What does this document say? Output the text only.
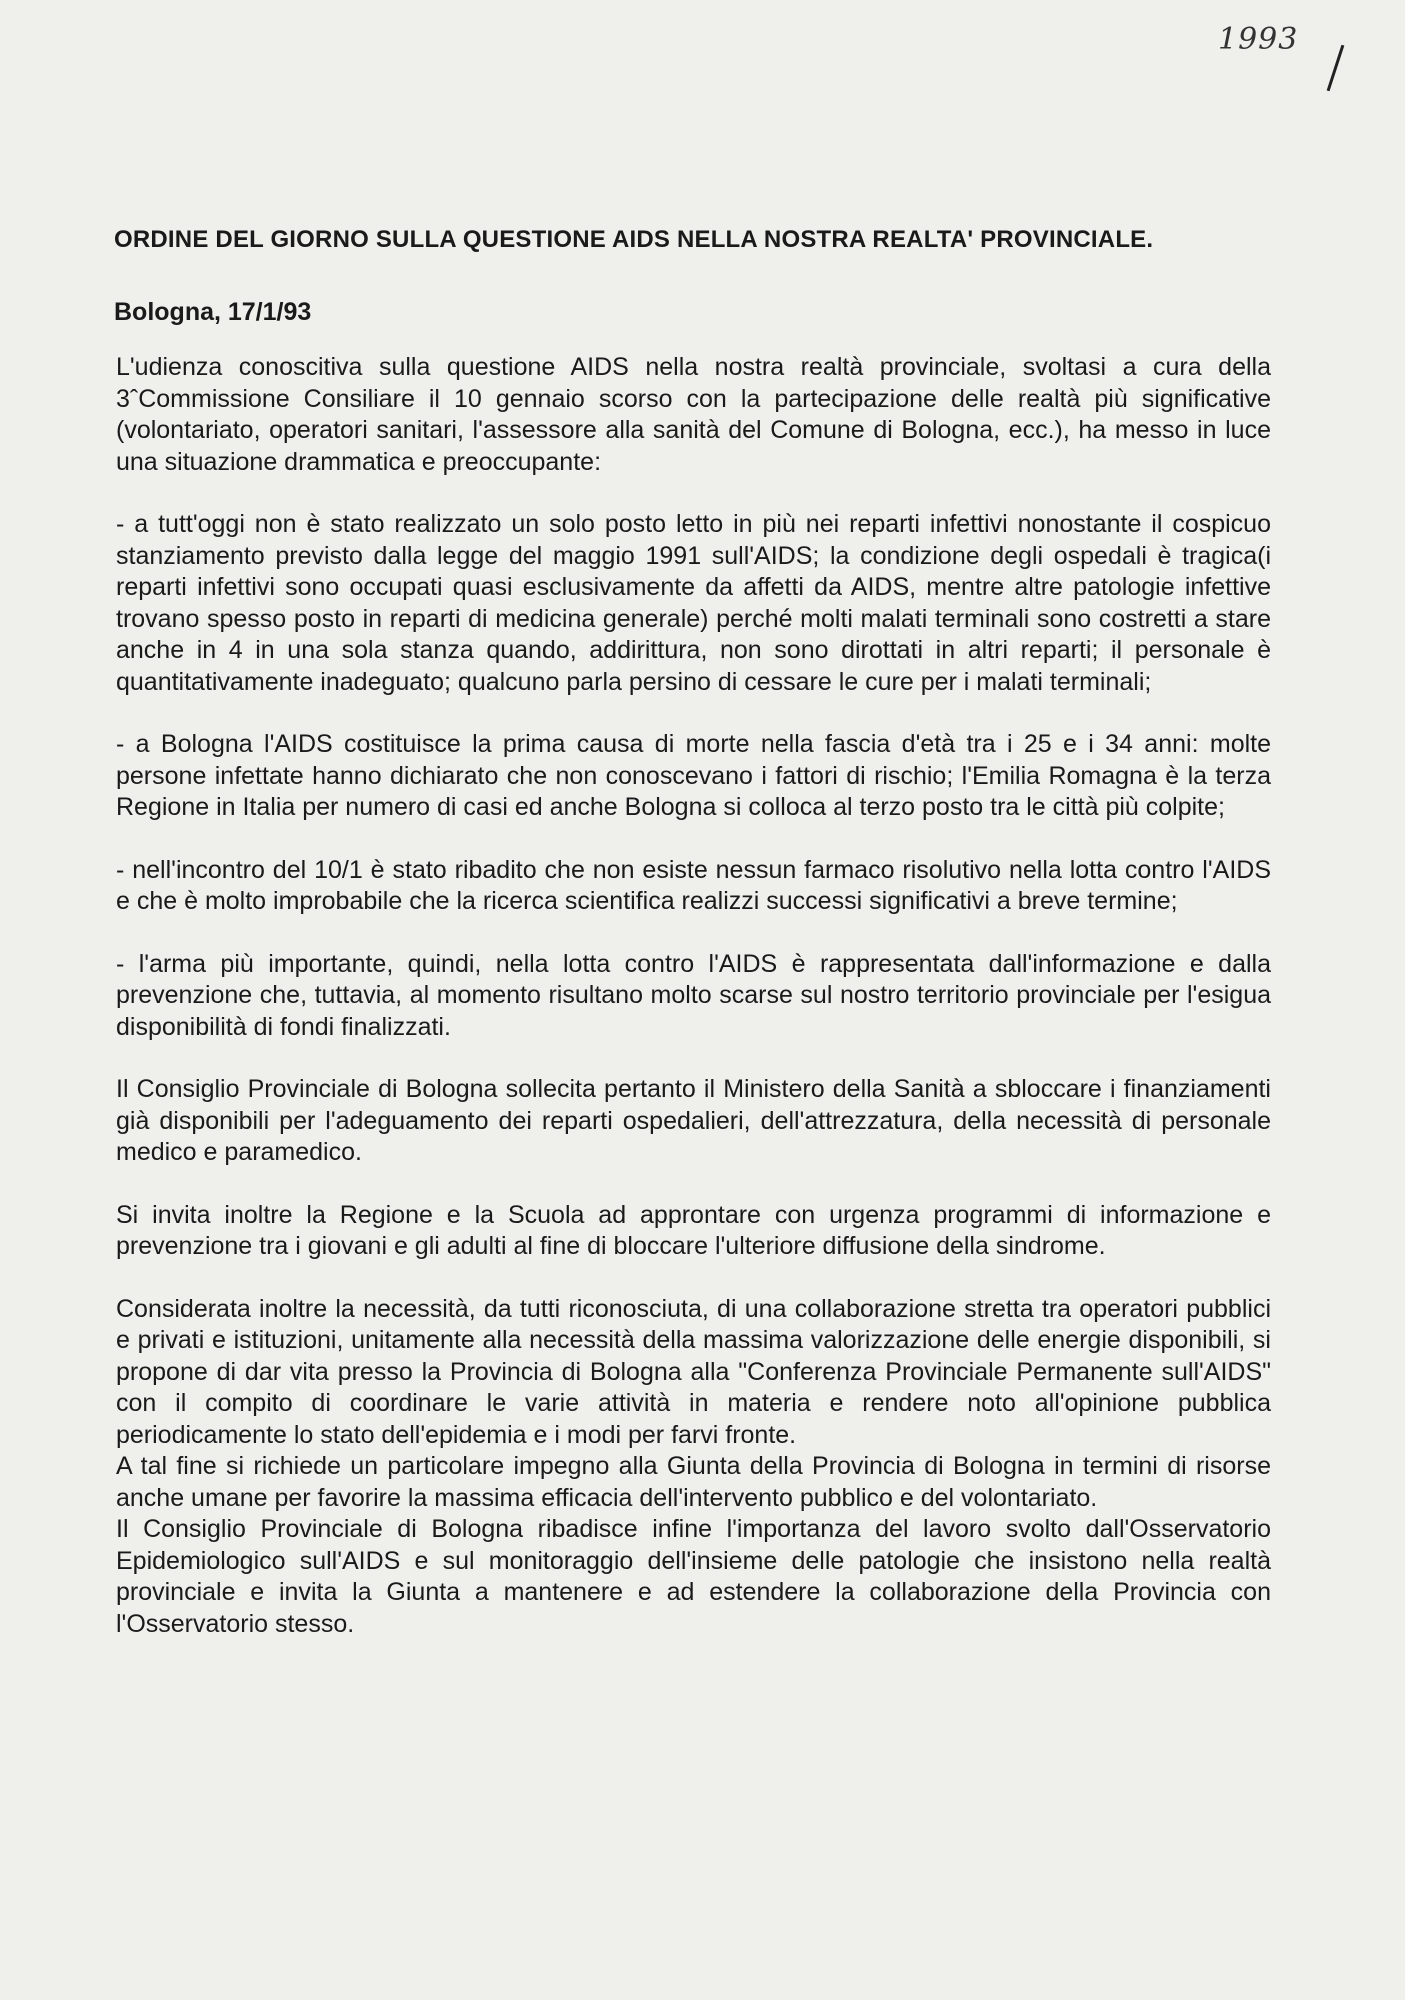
1993
ORDINE DEL GIORNO SULLA QUESTIONE AIDS NELLA NOSTRA REALTA' PROVINCIALE.

Bologna, 17/1/93

L'udienza conoscitiva sulla questione AIDS nella nostra realtà provinciale, svoltasi a cura della 3ˆCommissione Consiliare il 10 gennaio scorso con la partecipazione delle realtà più significative (volontariato, operatori sanitari, l'assessore alla sanità del Comune di Bologna, ecc.), ha messo in luce una situazione drammatica e preoccupante:

- a tutt'oggi non è stato realizzato un solo posto letto in più nei reparti infettivi nonostante il cospicuo stanziamento previsto dalla legge del maggio 1991 sull'AIDS; la condizione degli ospedali è tragica(i reparti infettivi sono occupati quasi esclusivamente da affetti da AIDS, mentre altre patologie infettive trovano spesso posto in reparti di medicina generale) perché molti malati terminali sono costretti a stare anche in 4 in una sola stanza quando, addirittura, non sono dirottati in altri reparti; il personale è quantitativamente inadeguato; qualcuno parla persino di cessare le cure per i malati terminali;

- a Bologna l'AIDS costituisce la prima causa di morte nella fascia d'età tra i 25 e i 34 anni: molte persone infettate hanno dichiarato che non conoscevano i fattori di rischio; l'Emilia Romagna è la terza Regione in Italia per numero di casi ed anche Bologna si colloca al terzo posto tra le città più colpite;

- nell'incontro del 10/1 è stato ribadito che non esiste nessun farmaco risolutivo nella lotta contro l'AIDS e che è molto improbabile che la ricerca scientifica realizzi successi significativi a breve termine;

- l'arma più importante, quindi, nella lotta contro l'AIDS è rappresentata dall'informazione e dalla prevenzione che, tuttavia, al momento risultano molto scarse sul nostro territorio provinciale per l'esigua disponibilità di fondi finalizzati.

Il Consiglio Provinciale di Bologna sollecita pertanto il Ministero della Sanità a sbloccare i finanziamenti già disponibili per l'adeguamento dei reparti ospedalieri, dell'attrezzatura, della necessità di personale medico e paramedico.

Si invita inoltre la Regione e la Scuola ad approntare con urgenza programmi di informazione e prevenzione tra i giovani e gli adulti al fine di bloccare l'ulteriore diffusione della sindrome.

Considerata inoltre la necessità, da tutti riconosciuta, di una collaborazione stretta tra operatori pubblici e privati e istituzioni, unitamente alla necessità della massima valorizzazione delle energie disponibili, si propone di dar vita presso la Provincia di Bologna alla "Conferenza Provinciale Permanente sull'AIDS" con il compito di coordinare le varie attività in materia e rendere noto all'opinione pubblica periodicamente lo stato dell'epidemia e i modi per farvi fronte.

A tal fine si richiede un particolare impegno alla Giunta della Provincia di Bologna in termini di risorse anche umane per favorire la massima efficacia dell'intervento pubblico e del volontariato.

Il Consiglio Provinciale di Bologna ribadisce infine l'importanza del lavoro svolto dall'Osservatorio Epidemiologico sull'AIDS e sul monitoraggio dell'insieme delle patologie che insistono nella realtà provinciale e invita la Giunta a mantenere e ad estendere la collaborazione della Provincia con l'Osservatorio stesso.
